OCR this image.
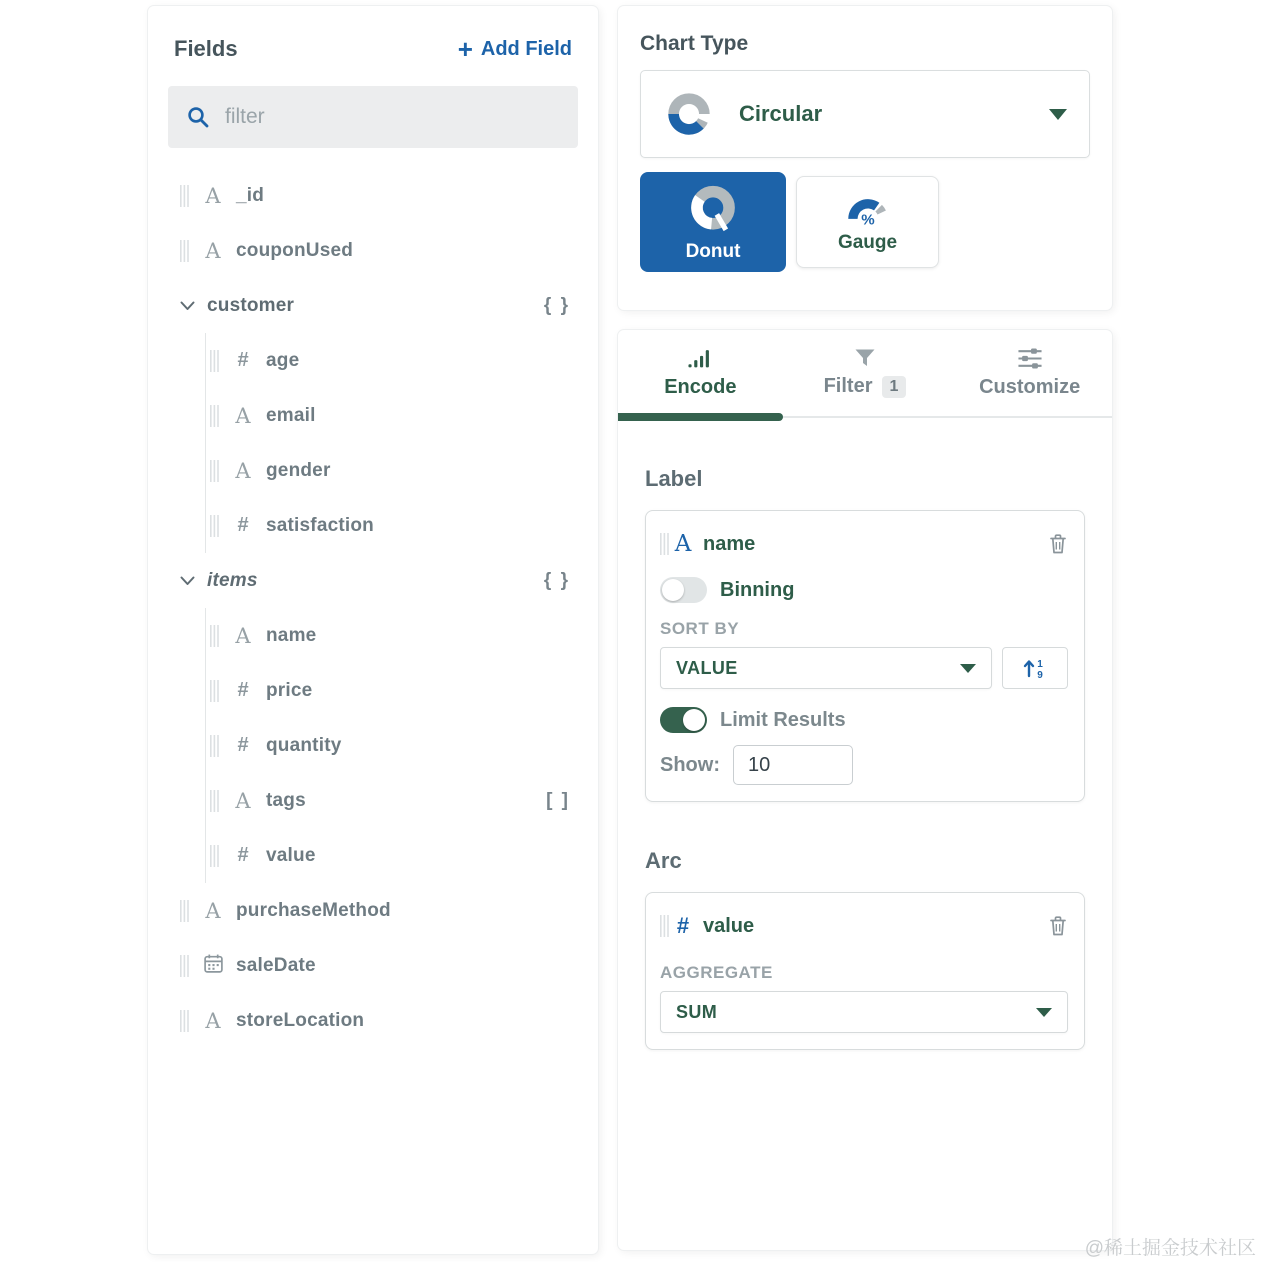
Fields	+ Add Field
filter
A _id
A couponUsed
customer	{ }
# age
A email
A gender
# satisfaction
items	{ }
A name
# price
# quantity
A tags	[ ]
# value
A purchaseMethod
saleDate
A storeLocation
Chart Type
Circular
Donut
%
Gauge
Encode	Filter	1	Customize
Label
A name
Binning
SORT BY
VALUE	1
9
Limit Results
Show:
10
Arc
# value
AGGREGATE
SUM
@稀土掘金技术社区
